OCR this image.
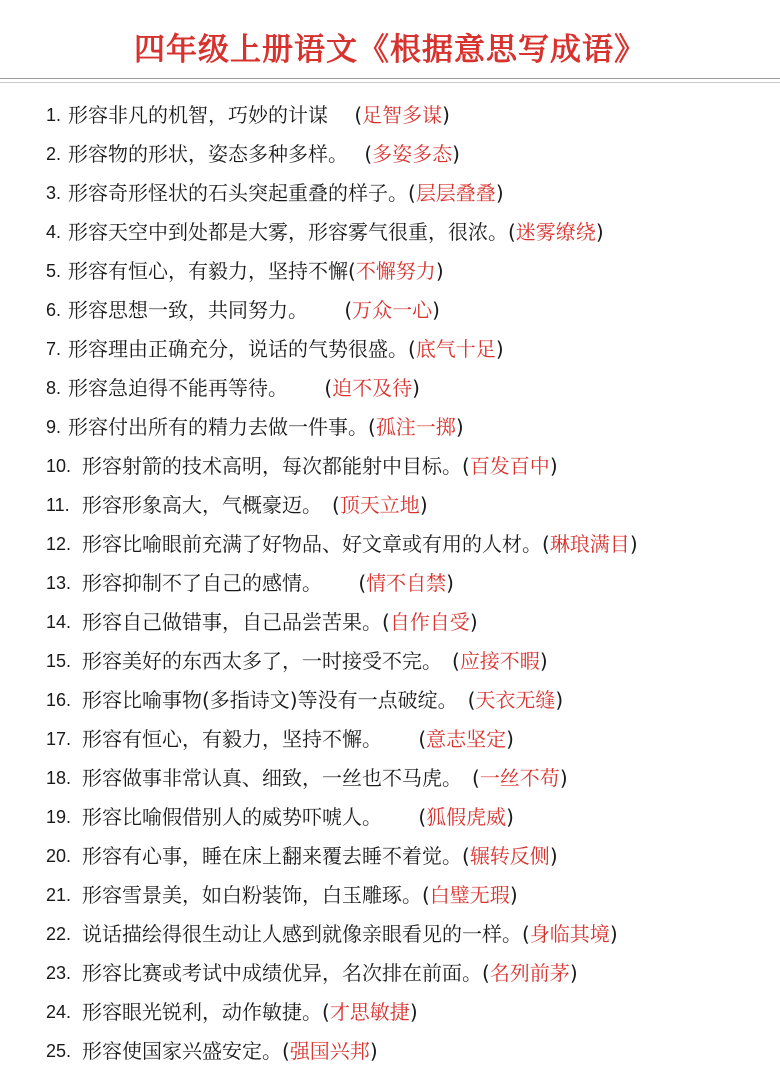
四年级上册语文《根据意思写成语》
1. 形容非凡的机智，巧妙的计谋　 (足智多谋)
2. 形容物的形状，姿态多种多样。　 (多姿多态)
3. 形容奇形怪状的石头突起重叠的样子。(层层叠叠)
4. 形容天空中到处都是大雾，形容雾气很重，很浓。(迷雾缭绕)
5. 形容有恒心，有毅力，坚持不懈(不懈努力)
6. 形容思想一致，共同努力。　　 (万众一心)
7. 形容理由正确充分，说话的气势很盛。(底气十足)
8. 形容急迫得不能再等待。　　 (迫不及待)
9. 形容付出所有的精力去做一件事。(孤注一掷)
10. 形容射箭的技术高明，每次都能射中目标。(百发百中)
11. 形容形象高大，气概豪迈。　 (顶天立地)
12. 形容比喻眼前充满了好物品、好文章或有用的人材。(琳琅满目)
13. 形容抑制不了自己的感情。　　 (情不自禁)
14. 形容自己做错事，自己品尝苦果。(自作自受)
15. 形容美好的东西太多了，一时接受不完。　 (应接不暇)
16. 形容比喻事物(多指诗文)等没有一点破绽。　 (天衣无缝)
17. 形容有恒心，有毅力，坚持不懈。　　 (意志坚定)
18. 形容做事非常认真、细致，一丝也不马虎。　 (一丝不苟)
19. 形容比喻假借别人的威势吓唬人。　　 (狐假虎威)
20. 形容有心事，睡在床上翻来覆去睡不着觉。(辗转反侧)
21. 形容雪景美，如白粉装饰，白玉雕琢。(白璧无瑕)
22. 说话描绘得很生动让人感到就像亲眼看见的一样。(身临其境)
23. 形容比赛或考试中成绩优异，名次排在前面。(名列前茅)
24. 形容眼光锐利，动作敏捷。(才思敏捷)
25. 形容使国家兴盛安定。(强国兴邦)
